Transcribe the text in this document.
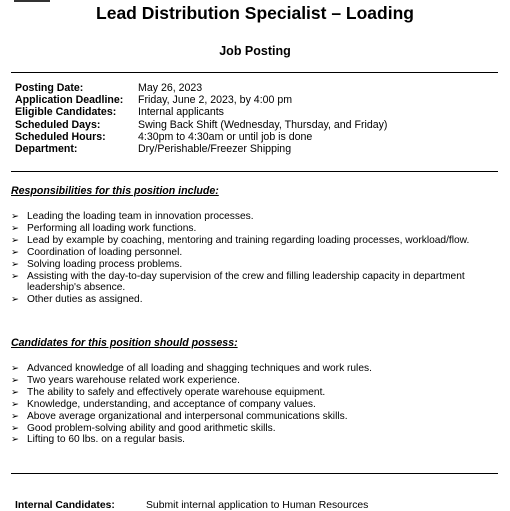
Lead Distribution Specialist – Loading
Job Posting
Posting Date:	May 26, 2023
Application Deadline:	Friday, June 2, 2023, by 4:00 pm
Eligible Candidates:	Internal applicants
Scheduled Days:	Swing Back Shift (Wednesday, Thursday, and Friday)
Scheduled Hours:	4:30pm to 4:30am or until job is done
Department:	Dry/Perishable/Freezer Shipping
Responsibilities for this position include:
➢ Leading the loading team in innovation processes.
➢ Performing all loading work functions.
➢ Lead by example by coaching, mentoring and training regarding loading processes, workload/flow.
➢ Coordination of loading personnel.
➢ Solving loading process problems.
➢ Assisting with the day-to-day supervision of the crew and filling leadership capacity in department leadership's absence.
➢ Other duties as assigned.
Candidates for this position should possess:
➢ Advanced knowledge of all loading and shagging techniques and work rules.
➢ Two years warehouse related work experience.
➢ The ability to safely and effectively operate warehouse equipment.
➢ Knowledge, understanding, and acceptance of company values.
➢ Above average organizational and interpersonal communications skills.
➢ Good problem-solving ability and good arithmetic skills.
➢ Lifting to 60 lbs. on a regular basis.
Internal Candidates:	Submit internal application to Human Resources
